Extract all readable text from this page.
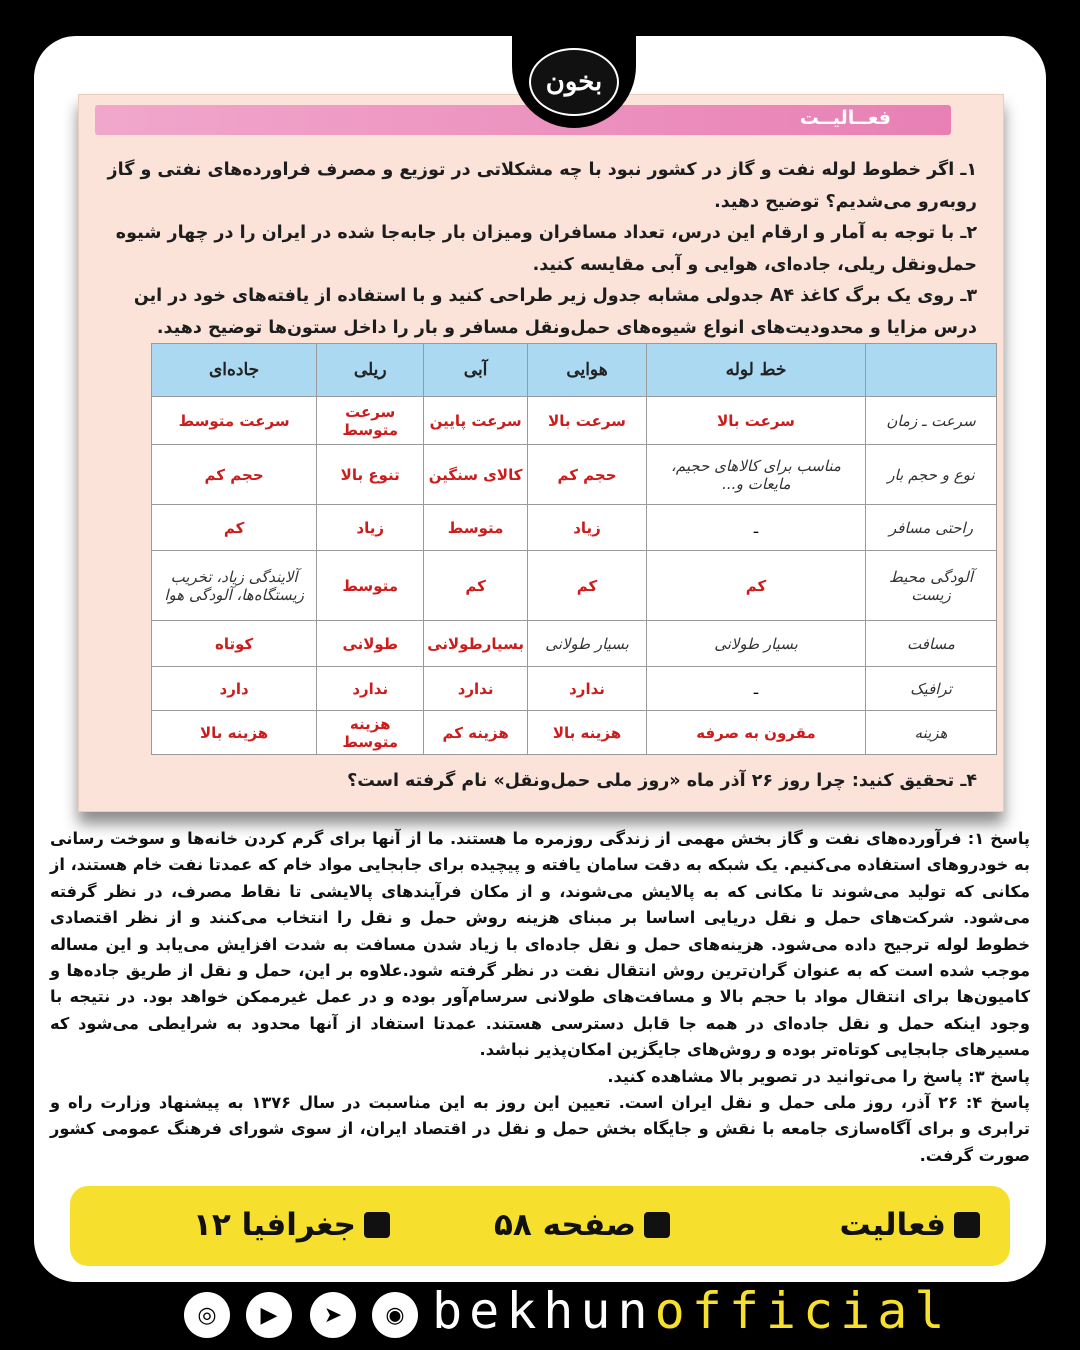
بخون
فعــالیــت

۱ـ اگر خطوط لوله نفت و گاز در کشور نبود با چه مشکلاتی در توزیع و مصرف فراورده‌های نفتی و گاز روبه‌رو می‌شدیم؟ توضیح دهید.

۲ـ با توجه به آمار و ارقام این درس، تعداد مسافران ومیزان بار جابه‌جا شده در ایران را در چهار شیوه حمل‌ونقل ریلی، جاده‌ای، هوایی و آبی مقایسه کنید.

۳ـ روی یک برگ کاغذ A۴ جدولی مشابه جدول زیر طراحی کنید و با استفاده از یافته‌های خود در این درس مزایا و محدودیت‌های انواع شیوه‌های حمل‌ونقل مسافر و بار را داخل ستون‌ها توضیح دهید.

	خط لوله	هوایی	آبی	ریلی	جاده‌ای
سرعت ـ زمان	سرعت بالا	سرعت بالا	سرعت پایین	سرعت متوسط	سرعت متوسط
نوع و حجم بار	مناسب برای کالاهای حجیم، مایعات و...	حجم کم	کالای سنگین	تنوع بالا	حجم کم
راحتی مسافر	ـ	زیاد	متوسط	زیاد	کم
آلودگی محیط زیست	کم	کم	کم	متوسط	آلایندگی زیاد، تخریب زیستگاه‌ها، آلودگی هوا
مسافت	بسیار طولانی	بسیار طولانی	بسیارطولانی	طولانی	کوتاه
ترافیک	ـ	ندارد	ندارد	ندارد	دارد
هزینه	مقرون به صرفه	هزینه بالا	هزینه کم	هزینه متوسط	هزینه بالا
۴ـ تحقیق کنید: چرا روز ۲۶ آذر ماه «روز ملی حمل‌ونقل» نام گرفته است؟

پاسخ ۱: فرآورده‌های نفت و گاز بخش مهمی از زندگی روزمره ما هستند. ما از آنها برای گرم کردن خانه‌ها و سوخت رسانی به خودروهای استفاده می‌کنیم. یک شبکه به دقت سامان یافته و پیچیده برای جابجایی مواد خام که عمدتا نفت خام هستند، از مکانی که تولید می‌شوند تا مکانی که به پالایش می‌شوند، و از مکان فرآیندهای پالایشی تا نقاط مصرف، در نظر گرفته می‌شود. شرکت‌های حمل و نقل دریایی اساسا بر مبنای هزینه روش حمل و نقل را انتخاب می‌کنند و از نظر اقتصادی خطوط لوله ترجیح داده می‌شود. هزینه‌های حمل و نقل جاده‌ای با زیاد شدن مسافت به شدت افزایش می‌یابد و این مساله موجب شده است که به عنوان گران‌ترین روش انتقال نفت در نظر گرفته شود.علاوه بر این، حمل و نقل از طریق جاده‌ها و کامیون‌ها برای انتقال مواد با حجم بالا و مسافت‌های طولانی سرسام‌آور بوده و در عمل غیرممکن خواهد بود. در نتیجه با وجود اینکه حمل و نقل جاده‌ای در همه جا قابل دسترسی هستند. عمدتا استفاد از آنها محدود به شرایطی می‌شود که مسیرهای جابجایی کوتاه‌تر بوده و روش‌های جایگزین امکان‌پذیر نباشد.

پاسخ ۳: پاسخ را می‌توانید در تصویر بالا مشاهده کنید.

پاسخ ۴: ۲۶ آذر، روز ملی حمل و نقل ایران است. تعیین این روز به این مناسبت در سال ۱۳۷۶ به پیشنهاد وزارت راه و ترابری و برای آگاه‌سازی جامعه با نقش و جایگاه بخش حمل و نقل در اقتصاد ایران، از سوی شورای فرهنگ عمومی کشور صورت گرفت.

فعالیت
صفحه ۵۸
جغرافیا ۱۲
◎	▶	➤	◉ bekhunofficial
